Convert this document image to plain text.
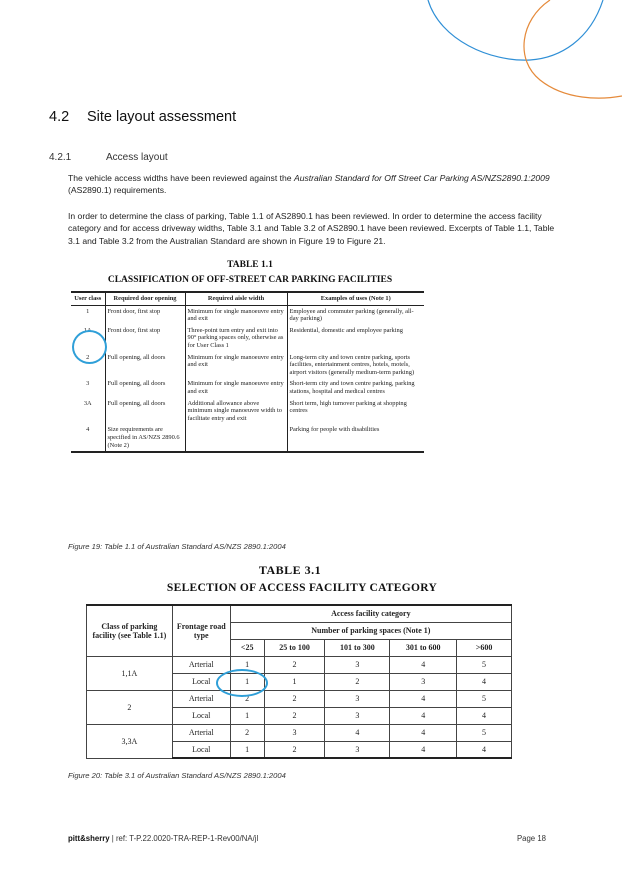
4.2 Site layout assessment
4.2.1	Access layout

The vehicle access widths have been reviewed against the Australian Standard for Off Street Car Parking AS/NZS2890.1:2009 (AS2890.1) requirements.

In order to determine the class of parking, Table 1.1 of AS2890.1 has been reviewed. In order to determine the access facility category and for access driveway widths, Table 3.1 and Table 3.2 of AS2890.1 have been reviewed. Excerpts of Table 1.1, Table 3.1 and Table 3.2 from the Australian Standard are shown in Figure 19 to Figure 21.

TABLE 1.1
CLASSIFICATION OF OFF-STREET CAR PARKING FACILITIES
User class	Required door opening	Required aisle width	Examples of uses (Note 1)
1	Front door, first stop	Minimum for single manoeuvre entry and exit	Employee and commuter parking (generally, all-day parking)
1A	Front door, first stop	Three-point turn entry and exit into 90° parking spaces only, otherwise as for User Class 1	Residential, domestic and employee parking
2	Full opening, all doors	Minimum for single manoeuvre entry and exit	Long-term city and town centre parking, sports facilities, entertainment centres, hotels, motels, airport visitors (generally medium-term parking)
3	Full opening, all doors	Minimum for single manoeuvre entry and exit	Short-term city and town centre parking, parking stations, hospital and medical centres
3A	Full opening, all doors	Additional allowance above minimum single manoeuvre width to facilitate entry and exit	Short term, high turnover parking at shopping centres
4	Size requirements are specified in AS/NZS 2890.6 (Note 2)		Parking for people with disabilities
Figure 19: Table 1.1 of Australian Standard AS/NZS 2890.1:2004
TABLE 3.1
SELECTION OF ACCESS FACILITY CATEGORY
Class of parking facility (see Table 1.1)	Frontage road type	Access facility category				
		Number of parking spaces (Note 1)				
		<25	25 to 100	101 to 300	301 to 600	>600
1,1A	Arterial	1	2	3	4	5
	Local	1	1	2	3	4
2	Arterial	2	2	3	4	5
	Local	1	2	3	4	4
3,3A	Arterial	2	3	4	4	5
	Local	1	2	3	4	4
Figure 20: Table 3.1 of Australian Standard AS/NZS 2890.1:2004
pitt&sherry | ref: T-P.22.0020-TRA-REP-1-Rev00/NA/jl	Page 18
